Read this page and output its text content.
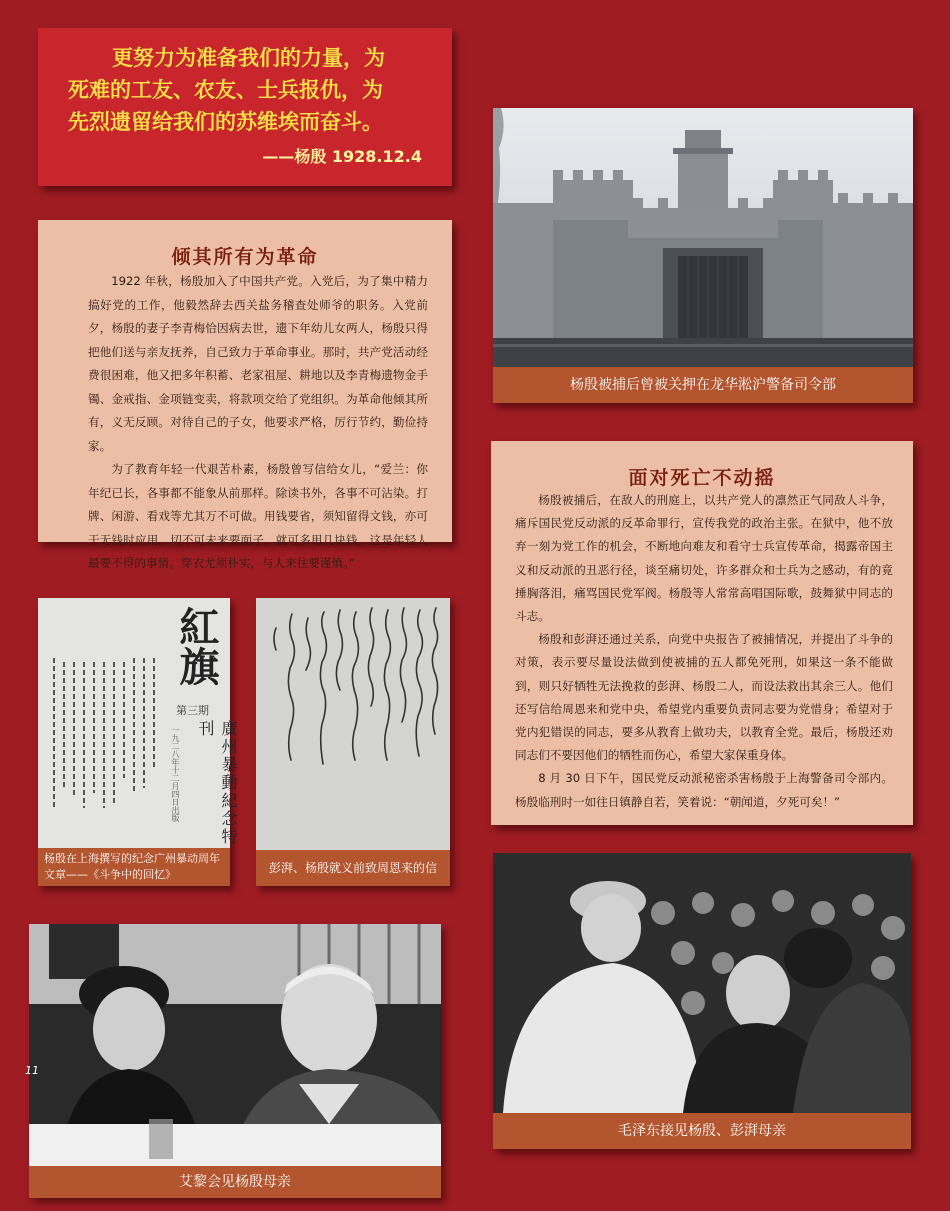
更努力为准备我们的力量，为
死难的工友、农友、士兵报仇，为
先烈遗留给我们的苏维埃而奋斗。
——杨殷 1928.12.4
倾其所有为革命

1922 年秋，杨殷加入了中国共产党。入党后，为了集中精力搞好党的工作，他毅然辞去西关盐务稽查处师爷的职务。入党前夕，杨殷的妻子李青梅恰因病去世，遗下年幼儿女两人，杨殷只得把他们送与亲友抚养，自己致力于革命事业。那时，共产党活动经费很困难，他又把多年积蓄、老家祖屋、耕地以及李青梅遗物金手镯、金戒指、金项链变卖，将款项交给了党组织。为革命他倾其所有，义无反顾。对待自己的子女，他要求严格，厉行节约，勤俭持家。

为了教育年轻一代艰苦朴素，杨殷曾写信给女儿，“爱兰：你年纪已长，各事都不能象从前那样。除读书外，各事不可沾染。打牌、闲游、看戏等尤其万不可做。用钱要省，须知留得文钱，亦可于无钱时应用。切不可未来要面子，就可多用几块钱。这是年轻人最要不得的事情。穿衣尤须朴实，与人来往要谨慎。”

杨殷被捕后曾被关押在龙华淞沪警备司令部
面对死亡不动摇

杨殷被捕后，在敌人的刑庭上，以共产党人的凛然正气同敌人斗争，痛斥国民党反动派的反革命罪行，宣传我党的政治主张。在狱中，他不放弃一刻为党工作的机会，不断地向难友和看守士兵宣传革命，揭露帝国主义和反动派的丑恶行径，谈至痛切处，许多群众和士兵为之感动，有的竟捶胸落泪，痛骂国民党军阀。杨殷等人常常高唱国际歌，鼓舞狱中同志的斗志。

杨殷和彭湃还通过关系，向党中央报告了被捕情况，并提出了斗争的对策，表示要尽量设法做到使被捕的五人都免死刑，如果这一条不能做到，则只好牺牲无法挽救的彭湃、杨殷二人，而设法救出其余三人。他们还写信给周恩来和党中央，希望党内重要负责同志要为党惜身；希望对于党内犯错误的同志，要多从教育上做功夫，以教育全党。最后，杨殷还劝同志们不要因他们的牺牲而伤心，希望大家保重身体。

8 月 30 日下午，国民党反动派秘密杀害杨殷于上海警备司令部内。杨殷临刑时一如往日镇静自若，笑着说：“朝闻道，夕死可矣！”

紅旗
第三期
廣州暴動紀念特刊
一九二八年十二月四日出版
杨殷在上海撰写的纪念广州暴动周年文章——《斗争中的回忆》	彭湃、杨殷就义前致周恩来的信
11
艾黎会见杨殷母亲
毛泽东接见杨殷、彭湃母亲
